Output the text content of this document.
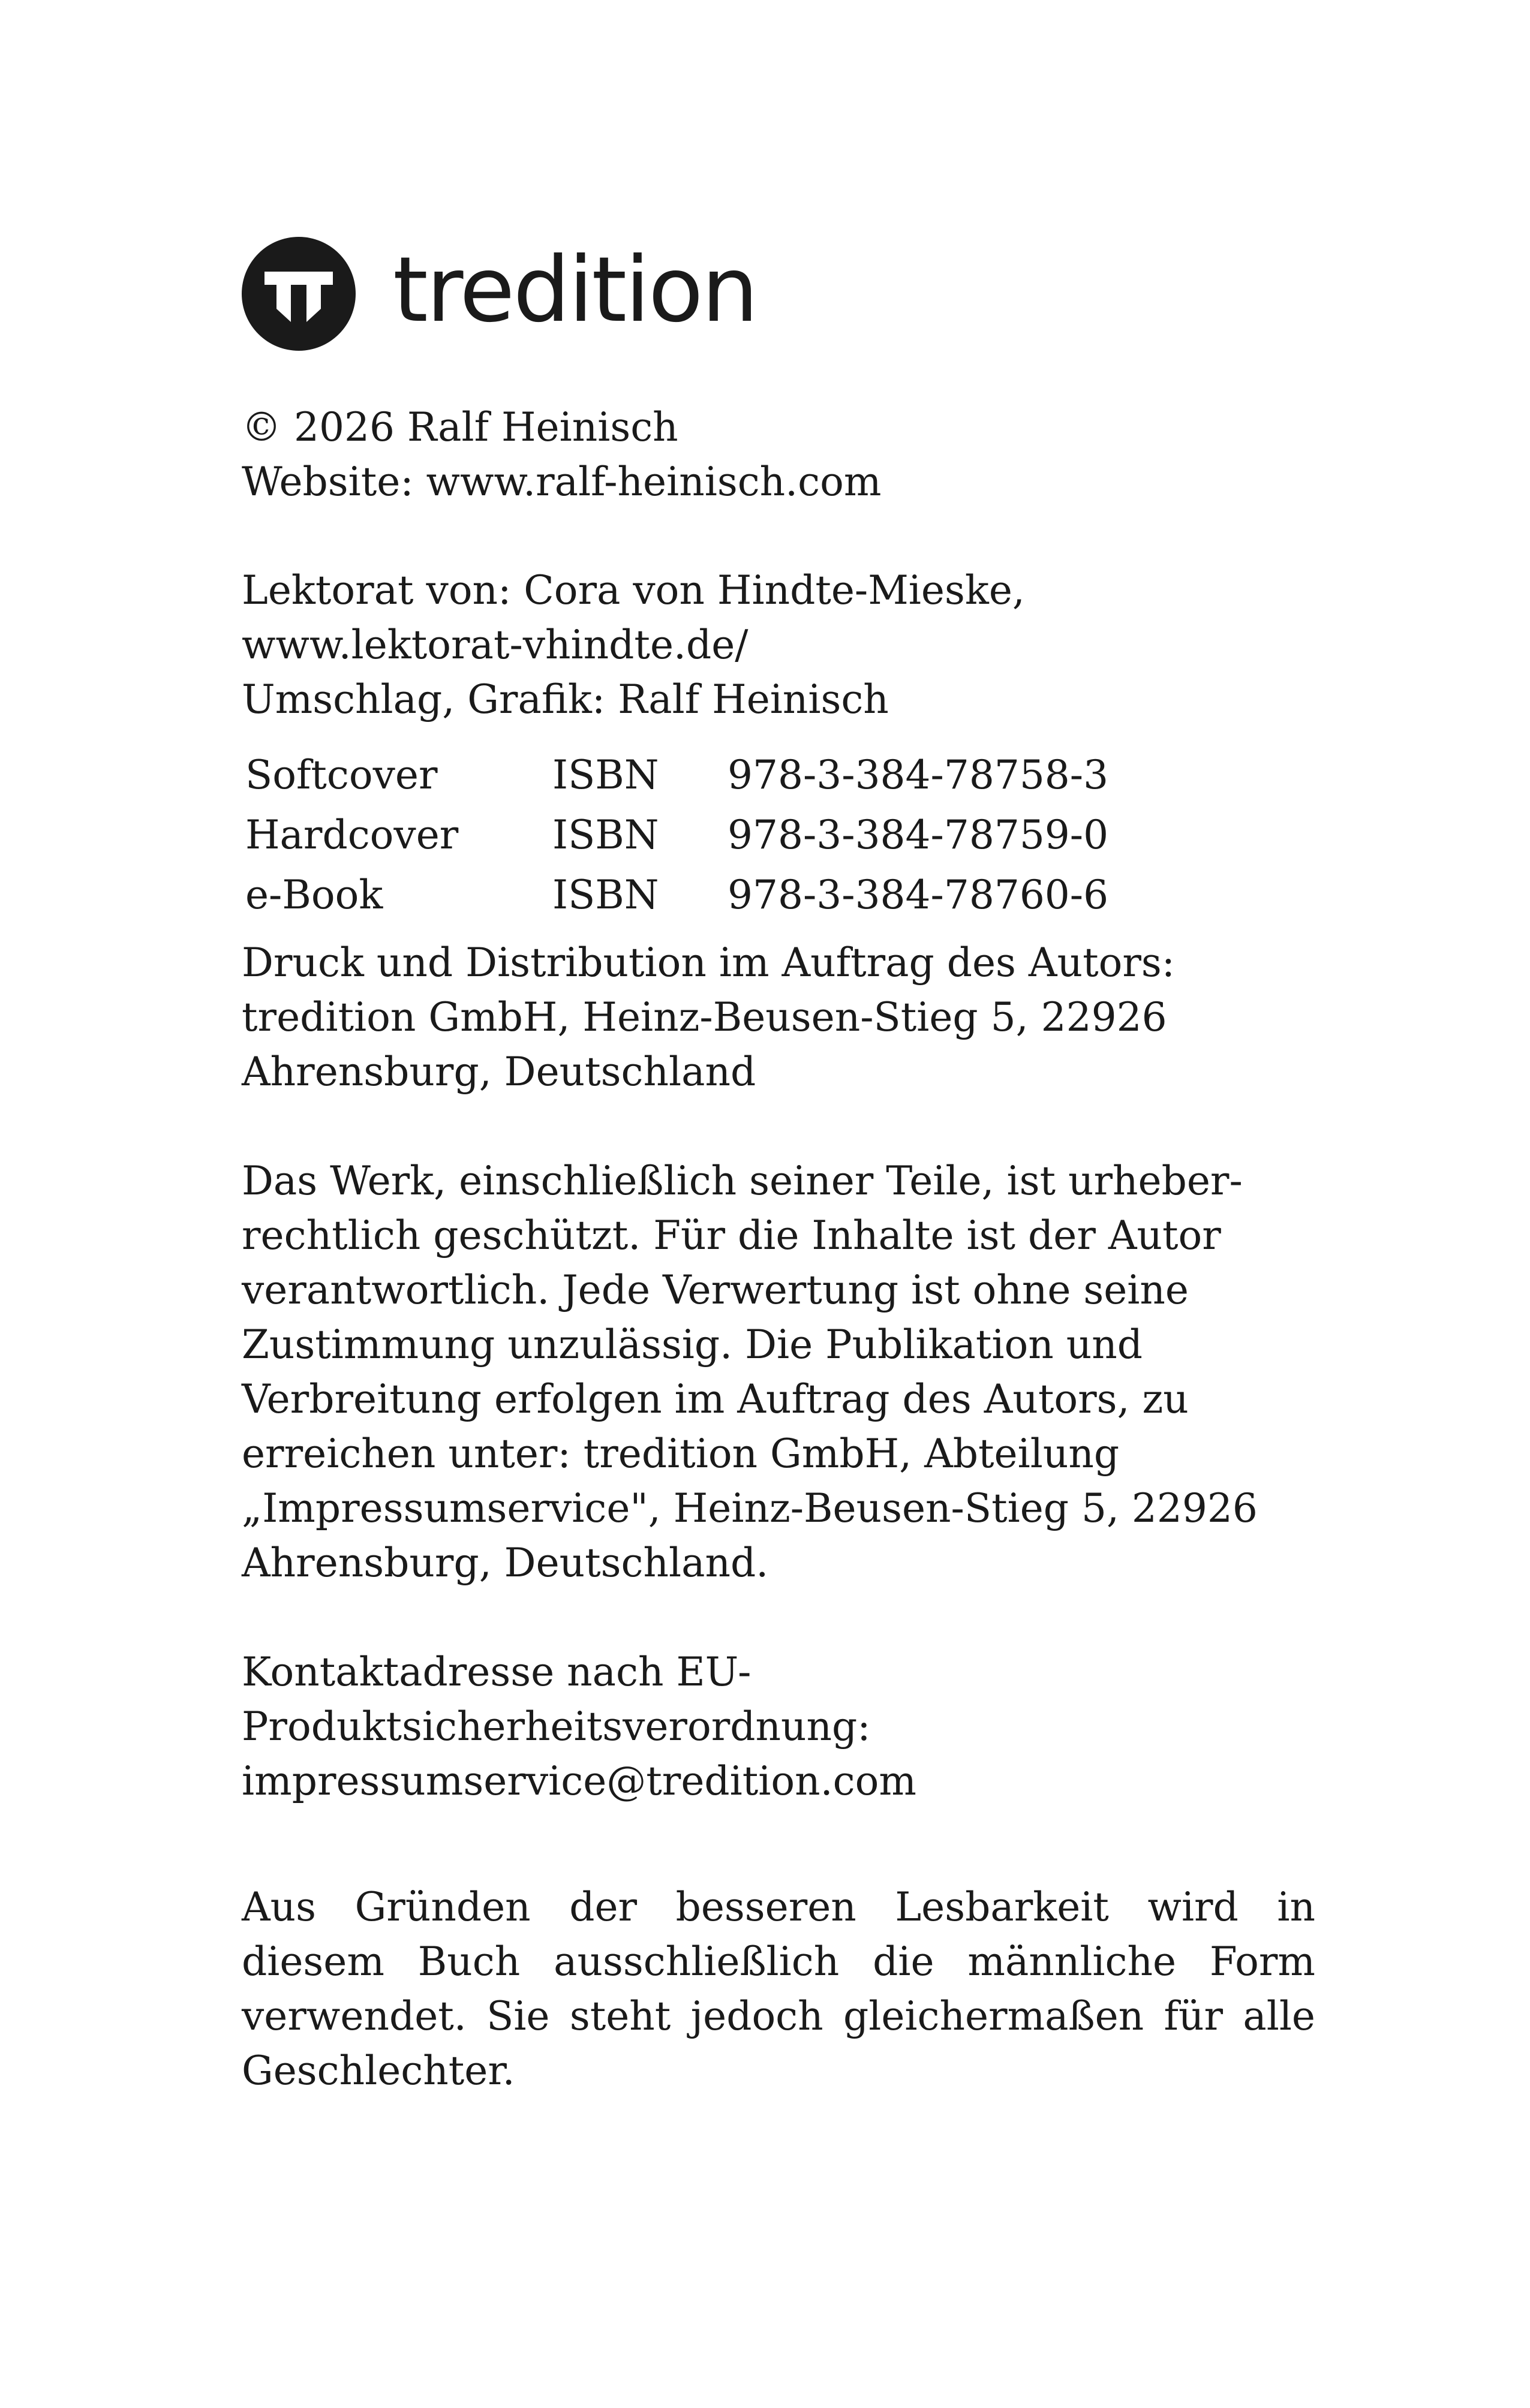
tredition
© 2026 Ralf Heinisch
Website: www.ralf-heinisch.com
Lektorat von: Cora von Hindte-Mieske,
www.lektorat-vhindte.de/
Umschlag, Grafik: Ralf Heinisch
Softcover	ISBN	978-3-384-78758-3
Hardcover	ISBN	978-3-384-78759-0
e-Book	ISBN	978-3-384-78760-6
Druck und Distribution im Auftrag des Autors:
tredition GmbH, Heinz-Beusen-Stieg 5, 22926
Ahrensburg, Deutschland
Das Werk, einschließlich seiner Teile, ist urheber-
rechtlich geschützt. Für die Inhalte ist der Autor
verantwortlich. Jede Verwertung ist ohne seine
Zustimmung unzulässig. Die Publikation und
Verbreitung erfolgen im Auftrag des Autors, zu
erreichen unter: tredition GmbH, Abteilung
„Impressumservice", Heinz-Beusen-Stieg 5, 22926
Ahrensburg, Deutschland.
Kontaktadresse nach EU-
Produktsicherheitsverordnung:
impressumservice@tredition.com
Aus Gründen der besseren Lesbarkeit wird in
diesem Buch ausschließlich die männliche Form
verwendet. Sie steht jedoch gleichermaßen für alle
Geschlechter.
